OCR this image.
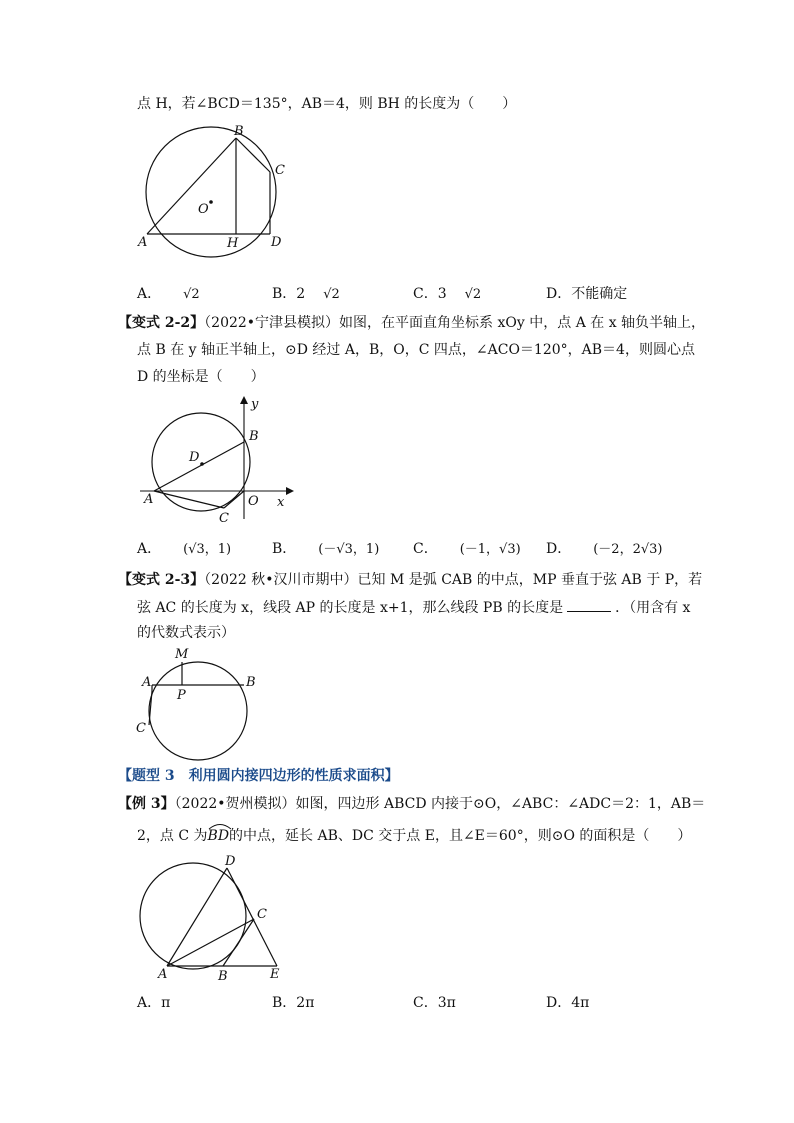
点 H，若∠BCD＝135°，AB＝4，则 BH 的长度为（　　）
B
C
O
A	H	D
A． √2	B．2 √2	C．3 √2	D．不能确定
【变式 2-2】（2022•宁津县模拟）如图，在平面直角坐标系 xOy 中，点 A 在 x 轴负半轴上，
点 B 在 y 轴正半轴上，⊙D 经过 A，B，O，C 四点，∠ACO＝120°，AB＝4，则圆心点
D 的坐标是（　　）
y
B
D
A	O x
C
A． (√3，1)	B． (－√3，1) C． (－1，√3) D． (－2，2√3)
【变式 2-3】（2022 秋•汉川市期中）已知 M 是弧 CAB 的中点，MP 垂直于弦 AB 于 P，若
弦 AC 的长度为 x，线段 AP 的长度是 x+1，那么线段 PB 的长度是	．（用含有 x
的代数式表示）
M
A
P
B
C
【题型 3　利用圆内接四边形的性质求面积】
【例 3】（2022•贺州模拟）如图，四边形 ABCD 内接于⊙O，∠ABC：∠ADC＝2：1，AB＝
2，点 C 为
BD的中点，延长 AB、DC 交于点 E，且∠E＝60°，则⊙O 的面积是（　　）
D
C
A	B	E
A．π	B．2π	C．3π	D．4π
